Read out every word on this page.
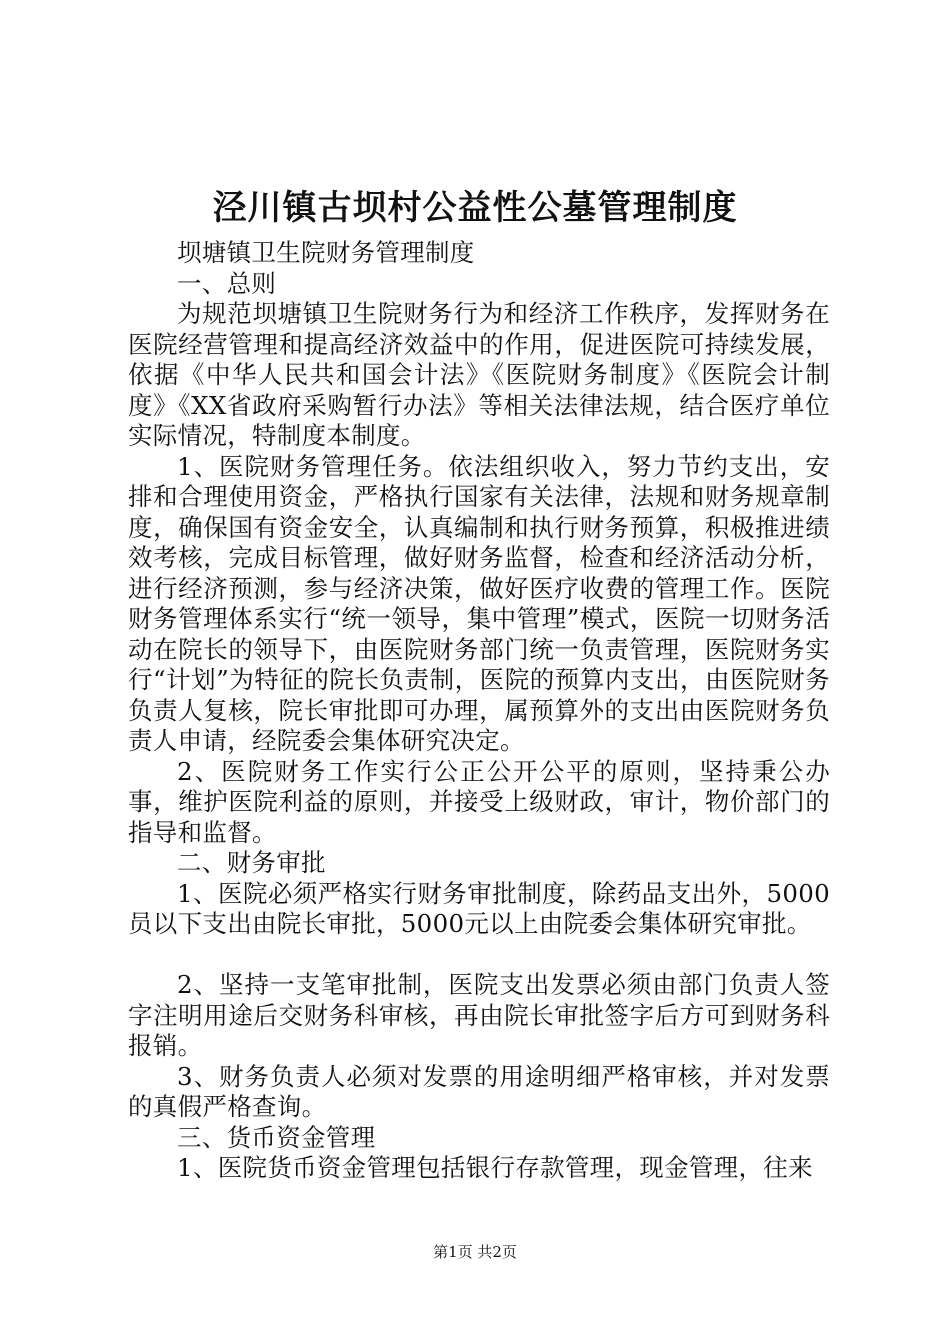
泾川镇古坝村公益性公墓管理制度

坝塘镇卫生院财务管理制度

一、总则

为规范坝塘镇卫生院财务行为和经济工作秩序，发挥财务在医院经营管理和提高经济效益中的作用，促进医院可持续发展，依据《中华人民共和国会计法》《医院财务制度》《医院会计制度》《XX省政府采购暂行办法》等相关法律法规，结合医疗单位实际情况，特制度本制度。

1、医院财务管理任务。依法组织收入，努力节约支出，安排和合理使用资金，严格执行国家有关法律，法规和财务规章制度，确保国有资金安全，认真编制和执行财务预算，积极推进绩效考核，完成目标管理，做好财务监督，检查和经济活动分析，进行经济预测，参与经济决策，做好医疗收费的管理工作。医院财务管理体系实行“统一领导，集中管理”模式，医院一切财务活动在院长的领导下，由医院财务部门统一负责管理，医院财务实行“计划”为特征的院长负责制，医院的预算内支出，由医院财务负责人复核，院长审批即可办理，属预算外的支出由医院财务负责人申请，经院委会集体研究决定。

2、医院财务工作实行公正公开公平的原则，坚持秉公办事，维护医院利益的原则，并接受上级财政，审计，物价部门的指导和监督。

二、财务审批

1、医院必须严格实行财务审批制度，除药品支出外，5000员以下支出由院长审批，5000元以上由院委会集体研究审批。

2、坚持一支笔审批制，医院支出发票必须由部门负责人签字注明用途后交财务科审核，再由院长审批签字后方可到财务科报销。

3、财务负责人必须对发票的用途明细严格审核，并对发票的真假严格查询。

三、货币资金管理

1、医院货币资金管理包括银行存款管理，现金管理，往来

第1页 共2页
